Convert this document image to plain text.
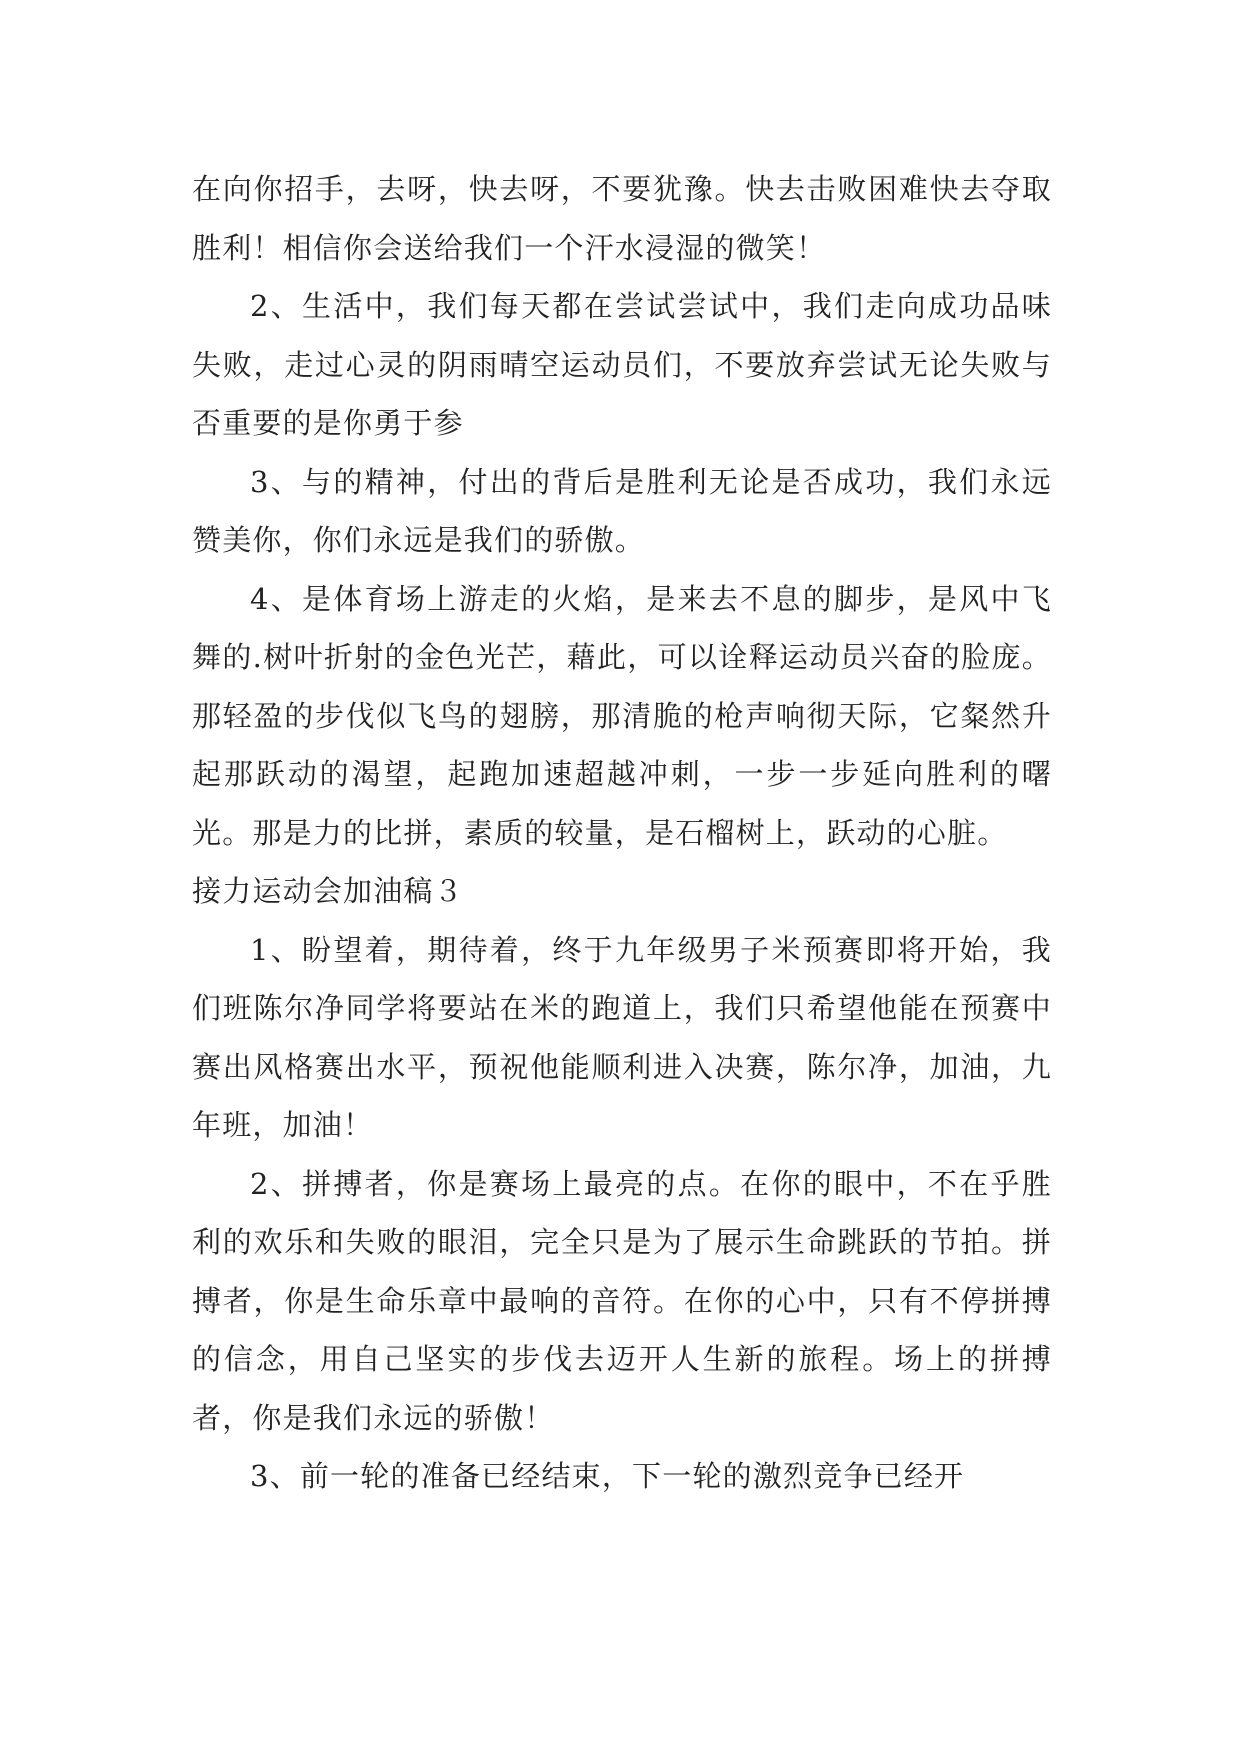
在向你招手，去呀，快去呀，不要犹豫。快去击败困难快去夺取胜利！相信你会送给我们一个汗水浸湿的微笑！

2、生活中，我们每天都在尝试尝试中，我们走向成功品味失败，走过心灵的阴雨晴空运动员们，不要放弃尝试无论失败与否重要的是你勇于参

3、与的精神，付出的背后是胜利无论是否成功，我们永远赞美你，你们永远是我们的骄傲。

4、是体育场上游走的火焰，是来去不息的脚步，是风中飞舞的.树叶折射的金色光芒，藉此，可以诠释运动员兴奋的脸庞。那轻盈的步伐似飞鸟的翅膀，那清脆的枪声响彻天际，它粲然升起那跃动的渴望，起跑加速超越冲刺，一步一步延向胜利的曙光。那是力的比拼，素质的较量，是石榴树上，跃动的心脏。

接力运动会加油稿３

1、盼望着，期待着，终于九年级男子米预赛即将开始，我们班陈尔净同学将要站在米的跑道上，我们只希望他能在预赛中赛出风格赛出水平，预祝他能顺利进入决赛，陈尔净，加油，九年班，加油！

2、拼搏者，你是赛场上最亮的点。在你的眼中，不在乎胜利的欢乐和失败的眼泪，完全只是为了展示生命跳跃的节拍。拼搏者，你是生命乐章中最响的音符。在你的心中，只有不停拼搏的信念，用自己坚实的步伐去迈开人生新的旅程。场上的拼搏者，你是我们永远的骄傲！

3、前一轮的准备已经结束，下一轮的激烈竞争已经开
